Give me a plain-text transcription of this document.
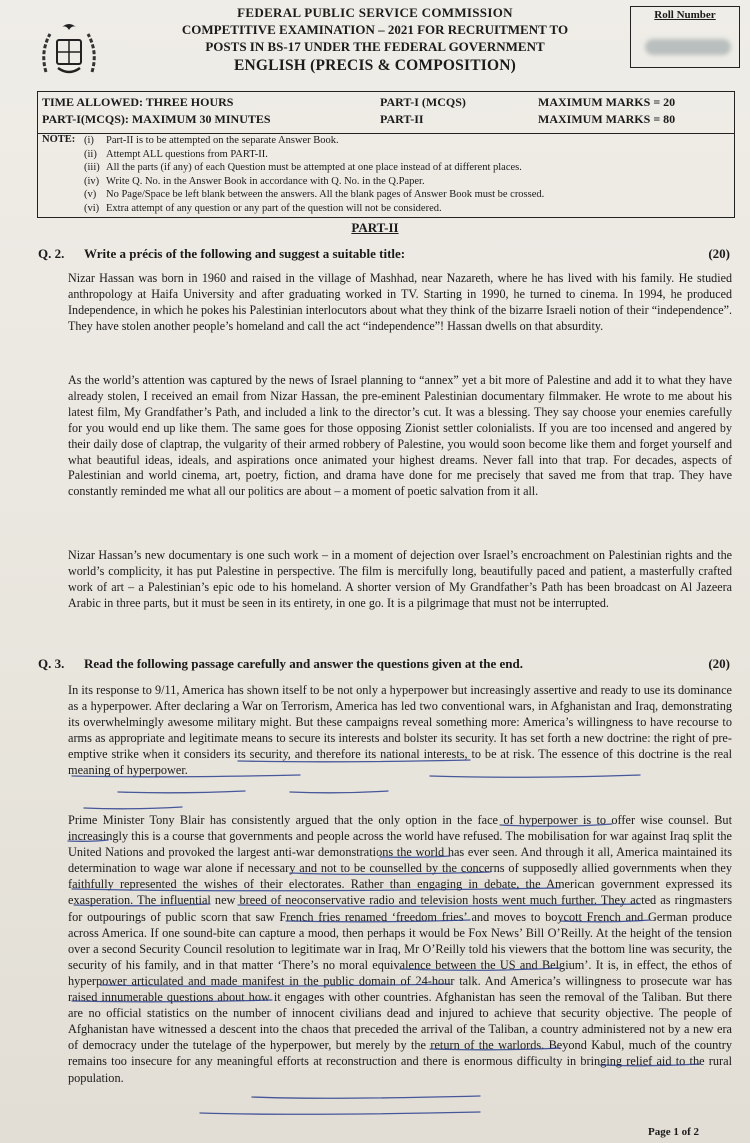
FEDERAL PUBLIC SERVICE COMMISSION
COMPETITIVE EXAMINATION – 2021 FOR RECRUITMENT TO
POSTS IN BS-17 UNDER THE FEDERAL GOVERNMENT
ENGLISH (PRECIS & COMPOSITION)
Roll Number
TIME ALLOWED: THREE HOURS
PART-I(MCQS): MAXIMUM 30 MINUTES
PART-I (MCQS)
PART-II
MAXIMUM MARKS = 20
MAXIMUM MARKS = 80
NOTE: (i) Part-II is to be attempted on the separate Answer Book.
(ii) Attempt ALL questions from PART-II.
(iii) All the parts (if any) of each Question must be attempted at one place instead of at different places.
(iv) Write Q. No. in the Answer Book in accordance with Q. No. in the Q.Paper.
(v) No Page/Space be left blank between the answers. All the blank pages of Answer Book must be crossed.
(vi) Extra attempt of any question or any part of the question will not be considered.
PART-II
Q. 2. Write a précis of the following and suggest a suitable title:	(20)
Nizar Hassan was born in 1960 and raised in the village of Mashhad, near Nazareth, where he has lived with his family. He studied anthropology at Haifa University and after graduating worked in TV. Starting in 1990, he turned to cinema. In 1994, he produced Independence, in which he pokes his Palestinian interlocutors about what they think of the bizarre Israeli notion of their “independence”. They have stolen another people’s homeland and call the act “independence”! Hassan dwells on that absurdity.
As the world’s attention was captured by the news of Israel planning to “annex” yet a bit more of Palestine and add it to what they have already stolen, I received an email from Nizar Hassan, the pre-eminent Palestinian documentary filmmaker. He wrote to me about his latest film, My Grandfather’s Path, and included a link to the director’s cut. It was a blessing. They say choose your enemies carefully for you would end up like them. The same goes for those opposing Zionist settler colonialists. If you are too incensed and angered by their daily dose of claptrap, the vulgarity of their armed robbery of Palestine, you would soon become like them and forget yourself and what beautiful ideas, ideals, and aspirations once animated your highest dreams. Never fall into that trap. For decades, aspects of Palestinian and world cinema, art, poetry, fiction, and drama have done for me precisely that saved me from that trap. They have constantly reminded me what all our politics are about – a moment of poetic salvation from it all.
Nizar Hassan’s new documentary is one such work – in a moment of dejection over Israel’s encroachment on Palestinian rights and the world’s complicity, it has put Palestine in perspective. The film is mercifully long, beautifully paced and patient, a masterfully crafted work of art – a Palestinian’s epic ode to his homeland. A shorter version of My Grandfather’s Path has been broadcast on Al Jazeera Arabic in three parts, but it must be seen in its entirety, in one go. It is a pilgrimage that must not be interrupted.
Q. 3. Read the following passage carefully and answer the questions given at the end.	(20)
In its response to 9/11, America has shown itself to be not only a hyperpower but increasingly assertive and ready to use its dominance as a hyperpower. After declaring a War on Terrorism, America has led two conventional wars, in Afghanistan and Iraq, demonstrating its overwhelmingly awesome military might. But these campaigns reveal something more: America’s willingness to have recourse to arms as appropriate and legitimate means to secure its interests and bolster its security. It has set forth a new doctrine: the right of pre-emptive strike when it considers its security, and therefore its national interests, to be at risk. The essence of this doctrine is the real meaning of hyperpower.
Prime Minister Tony Blair has consistently argued that the only option in the face of hyperpower is to offer wise counsel. But increasingly this is a course that governments and people across the world have refused. The mobilisation for war against Iraq split the United Nations and provoked the largest anti-war demonstrations the world has ever seen. And through it all, America maintained its determination to wage war alone if necessary and not to be counselled by the concerns of supposedly allied governments when they faithfully represented the wishes of their electorates. Rather than engaging in debate, the American government expressed its exasperation. The influential new breed of neoconservative radio and television hosts went much further. They acted as ringmasters for outpourings of public scorn that saw French fries renamed ‘freedom fries’ and moves to boycott French and German produce across America. If one sound-bite can capture a mood, then perhaps it would be Fox News’ Bill O’Reilly. At the height of the tension over a second Security Council resolution to legitimate war in Iraq, Mr O’Reilly told his viewers that the bottom line was security, the security of his family, and in that matter ‘There’s no moral equivalence between the US and Belgium’. It is, in effect, the ethos of hyperpower articulated and made manifest in the public domain of 24-hour talk. And America’s willingness to prosecute war has raised innumerable questions about how it engages with other countries. Afghanistan has seen the removal of the Taliban. But there are no official statistics on the number of innocent civilians dead and injured to achieve that security objective. The people of Afghanistan have witnessed a descent into the chaos that preceded the arrival of the Taliban, a country administered not by a new era of democracy under the tutelage of the hyperpower, but merely by the return of the warlords. Beyond Kabul, much of the country remains too insecure for any meaningful efforts at reconstruction and there is enormous difficulty in bringing relief aid to the rural population.
Page 1 of 2
